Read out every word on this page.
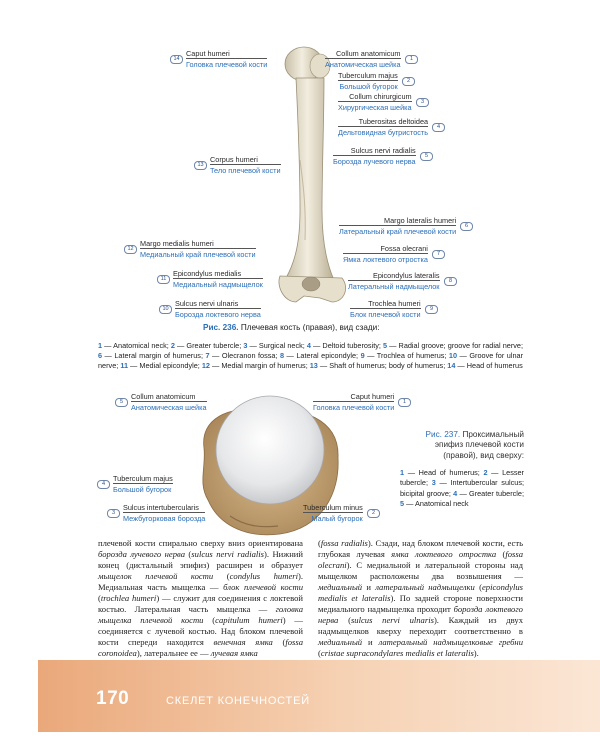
Caput humeri
Головка плечевой кости
14
Collum anatomicum
Анатомическая шейка
1
Tuberculum majus
Большой бугорок
2
Collum chirurgicum
Хирургическая шейка
3
Tuberositas deltoidea
Дельтовидная бугристость
4
Sulcus nervi radialis
Борозда лучевого нерва
5
Corpus humeri
Тело плечевой кости
13
Margo lateralis humeri
Латеральный край плечевой кости
6
Margo medialis humeri
Медиальный край плечевой кости
12	Fossa olecrani
Ямка локтевого отростка
7
Epicondylus medialis
Медиальный надмыщелок
11	Epicondylus lateralis
Латеральный надмыщелок
8
Sulcus nervi ulnaris
Борозда локтевого нерва
10
Trochlea humeri
Блок плечевой кости
9
Collum anatomicum
Анатомическая шейка
5
Caput humeri
Головка плечевой кости
1
Tuberculum majus
Большой бугорок
4
Sulcus intertubercularis
Межбугорковая борозда
3
Tuberculum minus
Малый бугорок
2
Рис. 236. Плечевая кость (правая), вид сзади:
1 — Anatomical neck; 2 — Greater tubercle; 3 — Surgical neck; 4 — Deltoid tuberosity; 5 — Radial groove; groove for radial nerve; 6 — Lateral margin of humerus; 7 — Olecranon fossa; 8 — Lateral epicondyle; 9 — Trochlea of humerus; 10 — Groove for ulnar nerve; 11 — Medial epicondyle; 12 — Medial margin of humerus; 13 — Shaft of humerus; body of humerus; 14 — Head of humerus
Рис. 237. Проксимальный эпифиз плечевой кости (правой), вид сверху:
1 — Head of humerus; 2 — Lesser tubercle; 3 — Intertubercular sulcus; bicipital groove; 4 — Greater tubercle; 5 — Anatomical neck
плечевой кости спирально сверху вниз ориентирована борозда лучевого нерва (sulcus nervi radialis). Нижний конец (дистальный эпифиз) расширен и образует мыщелок плечевой кости (condylus humeri). Медиальная часть мыщелка — блок плечевой кости (trochlea humeri) — служит для соединения с локтевой костью. Латеральная часть мыщелка — головка мыщелка плечевой кости (capitulum humeri) — соединяется с лучевой костью. Над блоком плечевой кости спереди находится венечная ямка (fossa coronoidea), латеральнее ее — лучевая ямка
(fossa radialis). Сзади, над блоком плечевой кости, есть глубокая лучевая ямка локтевого отростка (fossa olecrani). С медиальной и латеральной стороны над мыщелком расположены два возвышения — медиальный и латеральный надмыщелки (epicondylus medialis et lateralis). По задней стороне поверхности медиального надмыщелка проходит борозда локтевого нерва (sulcus nervi ulnaris). Каждый из двух надмыщелков кверху переходит соответственно в медиальный и латеральный надмыщелковые гребни (cristae supracondylares medialis et lateralis).
170	СКЕЛЕТ КОНЕЧНОСТЕЙ
